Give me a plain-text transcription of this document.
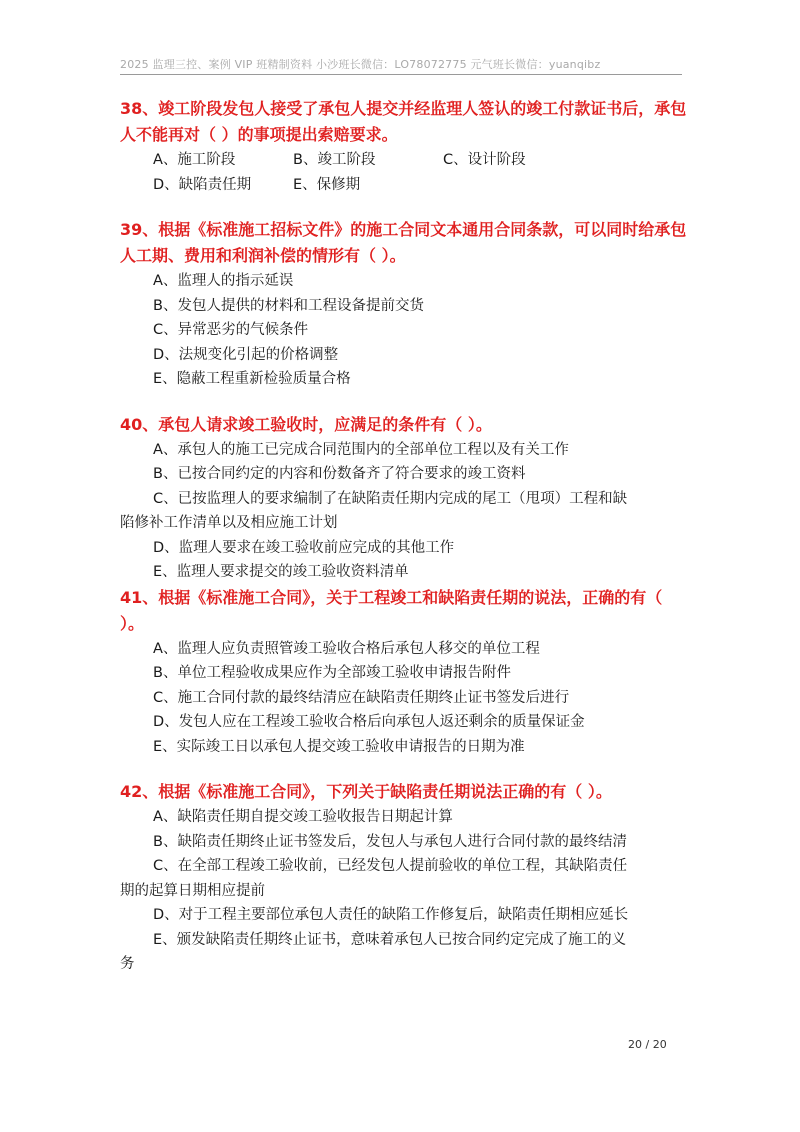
2025 监理三控、案例 VIP 班精制资料 小沙班长微信：LO78072775 元气班长微信：yuanqibz

38、竣工阶段发包人接受了承包人提交并经监理人签认的竣工付款证书后，承包人不能再对（ ）的事项提出索赔要求。

A、施工阶段	B、竣工阶段	C、设计阶段
D、缺陷责任期	E、保修期

39、根据《标准施工招标文件》的施工合同文本通用合同条款，可以同时给承包人工期、费用和利润补偿的情形有（ ）。

A、监理人的指示延误

B、发包人提供的材料和工程设备提前交货

C、异常恶劣的气候条件

D、法规变化引起的价格调整

E、隐蔽工程重新检验质量合格

40、承包人请求竣工验收时，应满足的条件有（ ）。

A、承包人的施工已完成合同范围内的全部单位工程以及有关工作

B、已按合同约定的内容和份数备齐了符合要求的竣工资料

C、已按监理人的要求编制了在缺陷责任期内完成的尾工（甩项）工程和缺

陷修补工作清单以及相应施工计划

D、监理人要求在竣工验收前应完成的其他工作

E、监理人要求提交的竣工验收资料清单

41、根据《标准施工合同》，关于工程竣工和缺陷责任期的说法，正确的有（ ）。

A、监理人应负责照管竣工验收合格后承包人移交的单位工程

B、单位工程验收成果应作为全部竣工验收申请报告附件

C、施工合同付款的最终结清应在缺陷责任期终止证书签发后进行

D、发包人应在工程竣工验收合格后向承包人返还剩余的质量保证金

E、实际竣工日以承包人提交竣工验收申请报告的日期为准

42、根据《标准施工合同》，下列关于缺陷责任期说法正确的有（ ）。

A、缺陷责任期自提交竣工验收报告日期起计算

B、缺陷责任期终止证书签发后，发包人与承包人进行合同付款的最终结清

C、在全部工程竣工验收前，已经发包人提前验收的单位工程，其缺陷责任

期的起算日期相应提前

D、对于工程主要部位承包人责任的缺陷工作修复后，缺陷责任期相应延长

E、颁发缺陷责任期终止证书，意味着承包人已按合同约定完成了施工的义

务

20 / 20
